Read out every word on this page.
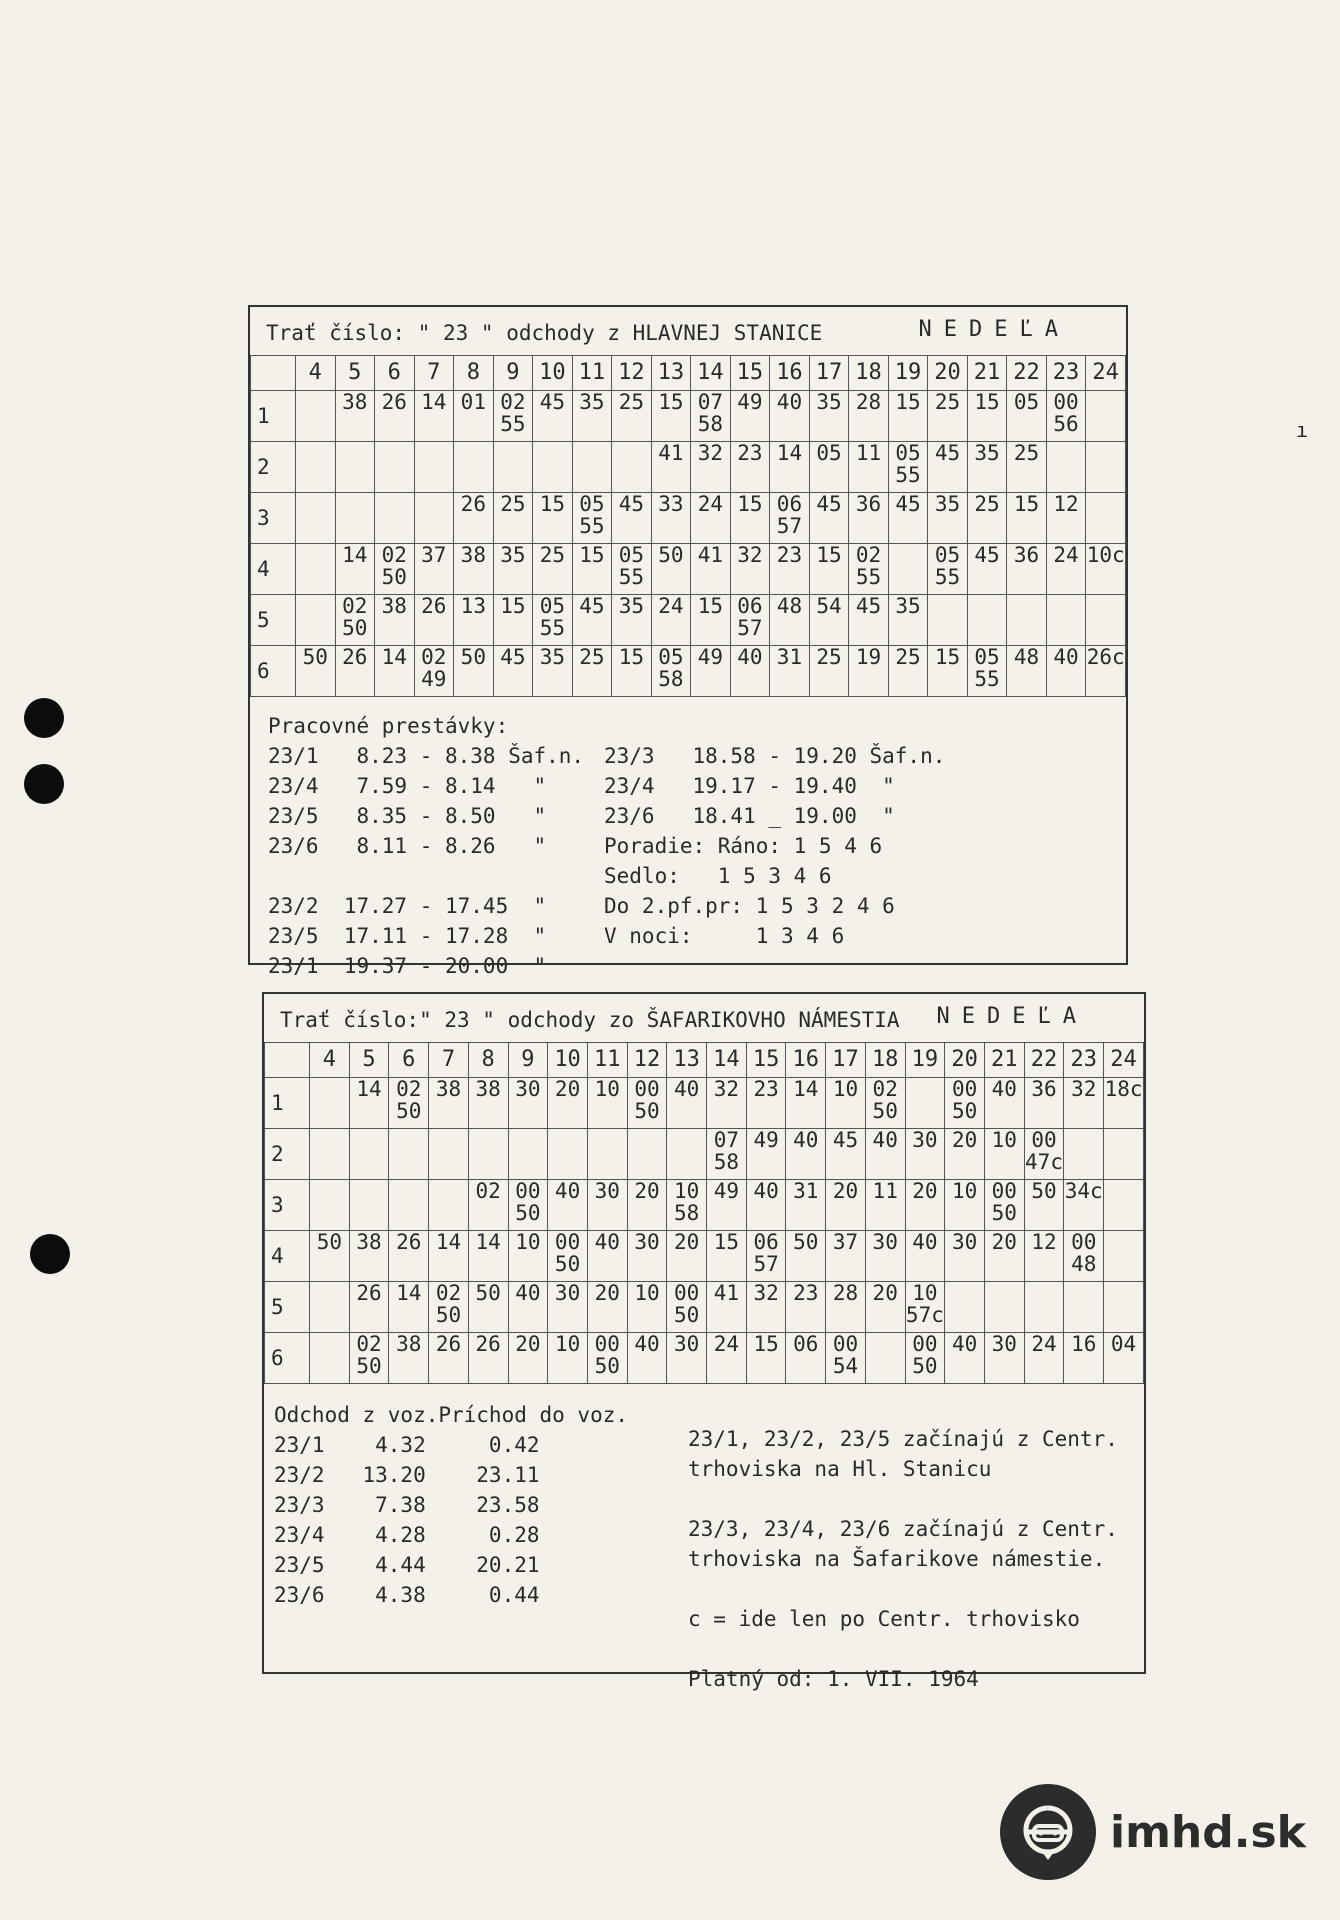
Trať číslo: " 23 " odchody z HLAVNEJ STANICE	NEDEĽA
	4	5	6	7	8	9	10	11	12	13	14	15	16	17	18	19	20	21	22	23	24
1		38	26	14	01	02 55	45	35	25	15	07 58	49	40	35	28	15	25	15	05	00 56	
2										41	32	23	14	05	11	05 55	45	35	25		
3					26	25	15	05 55	45	33	24	15	06 57	45	36	45	35	25	15	12	
4		14	02 50	37	38	35	25	15	05 55	50	41	32	23	15	02 55		05 55	45	36	24	10c
5		02 50	38	26	13	15	05 55	45	35	24	15	06 57	48	54	45	35					
6	50	26	14	02 49	50	45	35	25	15	05 58	49	40	31	25	19	25	15	05 55	48	40	26c
Pracovné prestávky:
23/1   8.23 - 8.38 Šaf.n.
23/4   7.59 - 8.14   "
23/5   8.35 - 8.50   "
23/6   8.11 - 8.26   "
23/2  17.27 - 17.45  "
23/5  17.11 - 17.28  "
23/1  19.37 - 20.00  "
23/3   18.58 - 19.20 Šaf.n.
23/4   19.17 - 19.40  "
23/6   18.41 _ 19.00  "
Poradie: Ráno: 1 5 4 6
Sedlo:   1 5 3 4 6
Do 2.pf.pr: 1 5 3 2 4 6
V noci:     1 3 4 6
Trať číslo:" 23 " odchody zo ŠAFARIKOVHO NÁMESTIA NEDEĽA
	4	5	6	7	8	9	10	11	12	13	14	15	16	17	18	19	20	21	22	23	24
1		14	02 50	38	38	30	20	10	00 50	40	32	23	14	10	02 50		00 50	40	36	32	18c
2											07 58	49	40	45	40	30	20	10	00 47c		
3					02	00 50	40	30	20	10 58	49	40	31	20	11	20	10	00 50	50	34c	
4	50	38	26	14	14	10	00 50	40	30	20	15	06 57	50	37	30	40	30	20	12	00 48	
5		26	14	02 50	50	40	30	20	10	00 50	41	32	23	28	20	10 57c					
6		02 50	38	26	26	20	10	00 50	40	30	24	15	06	00 54		00 50	40	30	24	16	04
Odchod z voz.Príchod do voz.
23/1    4.32     0.42
23/2   13.20    23.11
23/3    7.38    23.58
23/4    4.28     0.28
23/5    4.44    20.21
23/6    4.38     0.44
23/1, 23/2, 23/5 začínajú z Centr.
trhoviska na Hl. Stanicu
23/3, 23/4, 23/6 začínajú z Centr.
trhoviska na Šafarikove námestie.
c = ide len po Centr. trhovisko
Platný od: 1. VII. 1964
ı
imhd.sk
